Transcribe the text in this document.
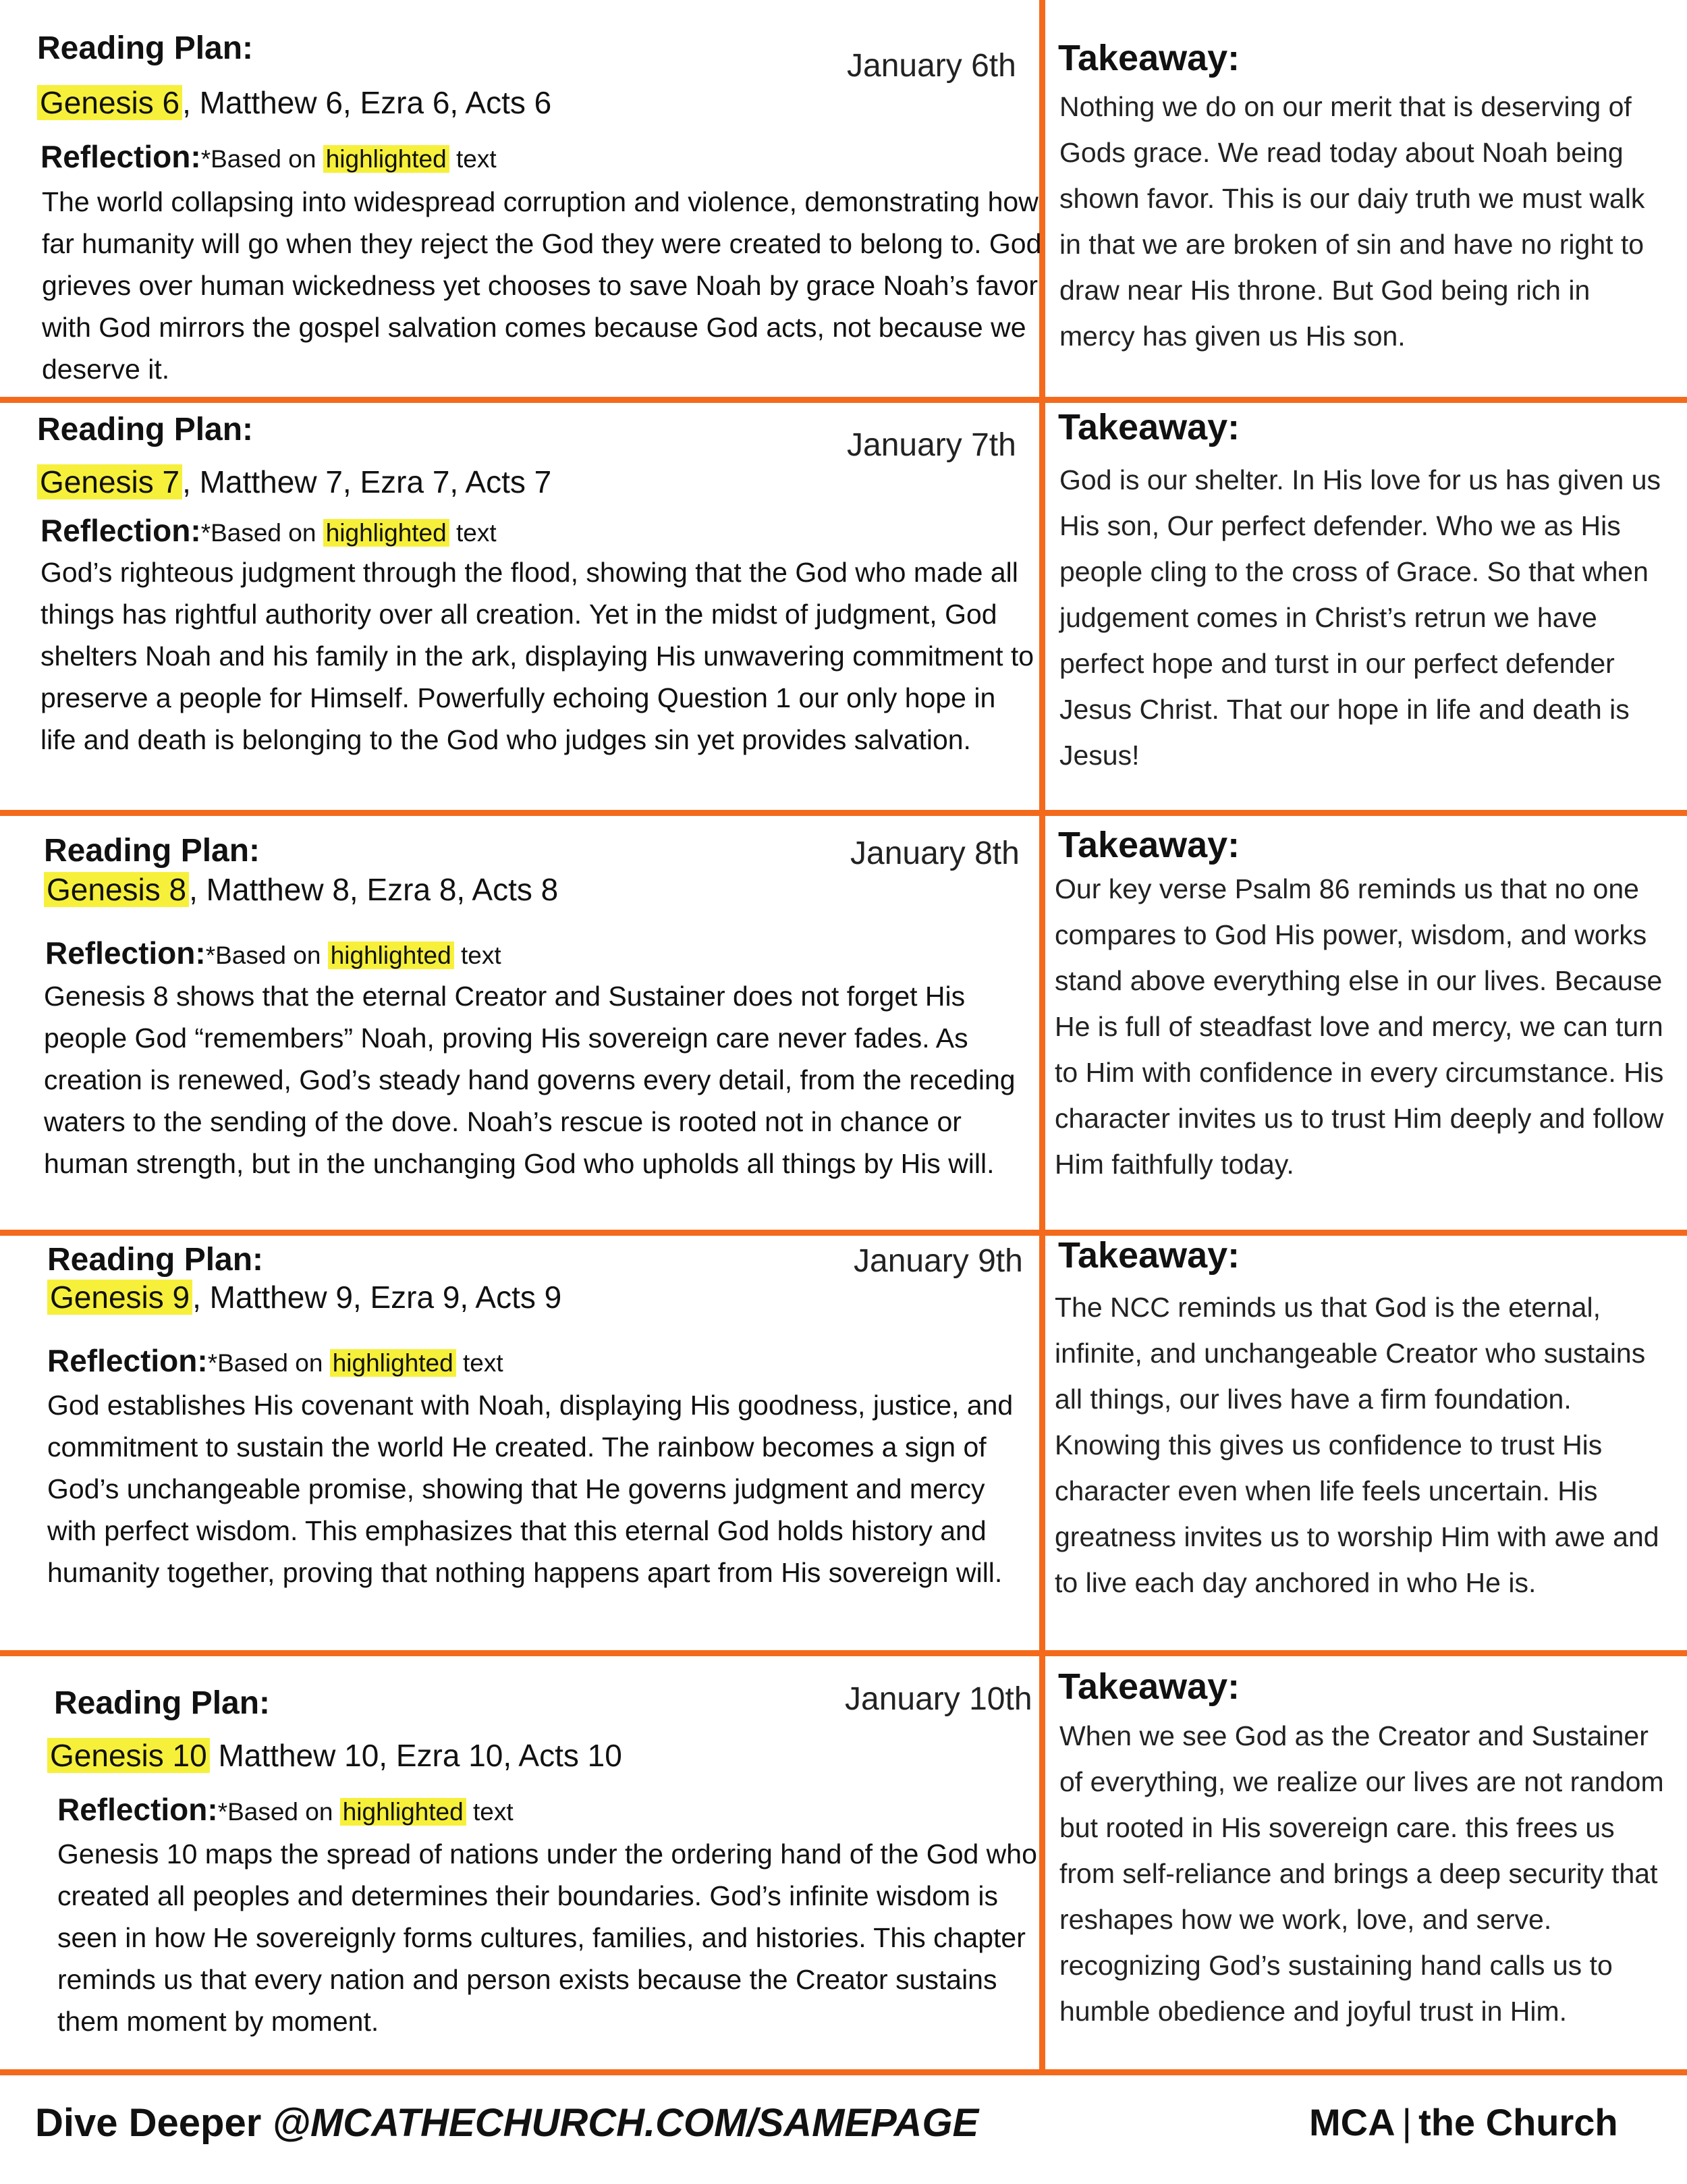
Reading Plan:	January 6th
Genesis 6, Matthew 6, Ezra 6, Acts 6
Reflection:*Based on highlighted text
The world collapsing into widespread corruption and violence, demonstrating how far humanity will go when they reject the God they were created to belong to. God grieves over human wickedness yet chooses to save Noah by grace Noah’s favor with God mirrors the gospel salvation comes because God acts, not because we deserve it.
Takeaway:
Nothing we do on our merit that is deserving of Gods grace. We read today about Noah being shown favor. This is our daiy truth we must walk in that we are broken of sin and have no right to draw near His throne. But God being rich in mercy has given us His son.
Reading Plan:	January 7th
Genesis 7, Matthew 7, Ezra 7, Acts 7
Reflection:*Based on highlighted text
God’s righteous judgment through the flood, showing that the God who made all things has rightful authority over all creation. Yet in the midst of judgment, God shelters Noah and his family in the ark, displaying His unwavering commitment to preserve a people for Himself. Powerfully echoing Question 1 our only hope in life and death is belonging to the God who judges sin yet provides salvation.
Takeaway:
God is our shelter. In His love for us has given us His son, Our perfect defender. Who we as His people cling to the cross of Grace. So that when judgement comes in Christ’s retrun we have perfect hope and turst in our perfect defender Jesus Christ. That our hope in life and death is Jesus!
Reading Plan:	January 8th
Genesis 8, Matthew 8, Ezra 8, Acts 8
Reflection:*Based on highlighted text
Genesis 8 shows that the eternal Creator and Sustainer does not forget His people God “remembers” Noah, proving His sovereign care never fades. As creation is renewed, God’s steady hand governs every detail, from the receding waters to the sending of the dove. Noah’s rescue is rooted not in chance or human strength, but in the unchanging God who upholds all things by His will.
Takeaway:
Our key verse Psalm 86 reminds us that no one compares to God His power, wisdom, and works stand above everything else in our lives. Because He is full of steadfast love and mercy, we can turn to Him with confidence in every circumstance. His character invites us to trust Him deeply and follow Him faithfully today.
Reading Plan:	January 9th
Genesis 9, Matthew 9, Ezra 9, Acts 9
Reflection:*Based on highlighted text
God establishes His covenant with Noah, displaying His goodness, justice, and commitment to sustain the world He created. The rainbow becomes a sign of God’s unchangeable promise, showing that He governs judgment and mercy with perfect wisdom. This emphasizes that this eternal God holds history and humanity together, proving that nothing happens apart from His sovereign will.
Takeaway:
The NCC reminds us that God is the eternal, infinite, and unchangeable Creator who sustains all things, our lives have a firm foundation. Knowing this gives us confidence to trust His character even when life feels uncertain. His greatness invites us to worship Him with awe and to live each day anchored in who He is.
Reading Plan:	January 10th
Genesis 10 Matthew 10, Ezra 10, Acts 10
Reflection:*Based on highlighted text
Genesis 10 maps the spread of nations under the ordering hand of the God who created all peoples and determines their boundaries. God’s infinite wisdom is seen in how He sovereignly forms cultures, families, and histories. This chapter reminds us that every nation and person exists because the Creator sustains them moment by moment.
Takeaway:
When we see God as the Creator and Sustainer of everything, we realize our lives are not random but rooted in His sovereign care. this frees us from self-reliance and brings a deep security that reshapes how we work, love, and serve. recognizing God’s sustaining hand calls us to humble obedience and joyful trust in Him.
Dive Deeper @MCATHECHURCH.COM/SAMEPAGE	MCA | the Church
